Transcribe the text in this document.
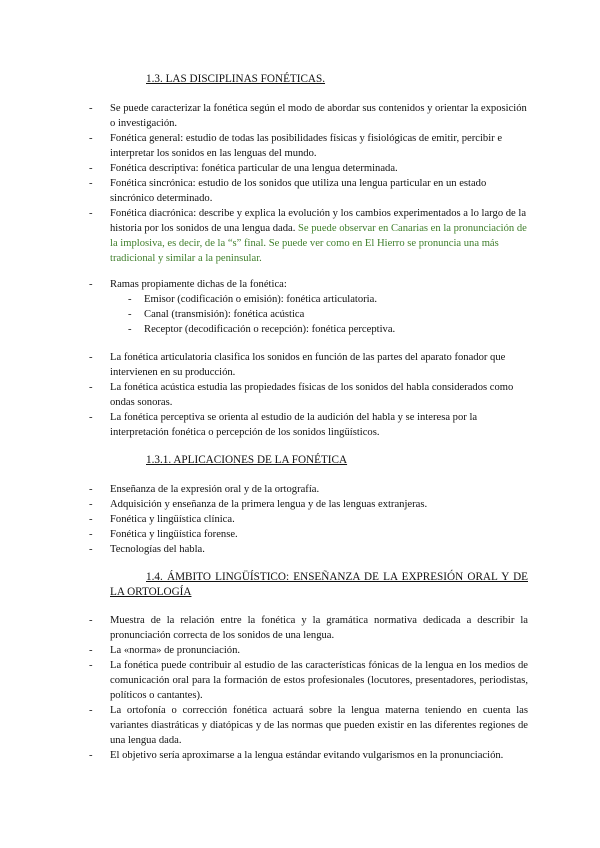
1.3. LAS DISCIPLINAS FONÉTICAS.
- Se puede caracterizar la fonética según el modo de abordar sus contenidos y orientar la exposición o investigación.
- Fonética general: estudio de todas las posibilidades físicas y fisiológicas de emitir, percibir e interpretar los sonidos en las lenguas del mundo.
- Fonética descriptiva: fonética particular de una lengua determinada.
- Fonética sincrónica: estudio de los sonidos que utiliza una lengua particular en un estado sincrónico determinado.
- Fonética diacrónica: describe y explica la evolución y los cambios experimentados a lo largo de la historia por los sonidos de una lengua dada. Se puede observar en Canarias en la pronunciación de la implosiva, es decir, de la “s” final. Se puede ver como en El Hierro se pronuncia una más tradicional y similar a la peninsular.
- Ramas propiamente dichas de la fonética:
- Emisor (codificación o emisión): fonética articulatoria.
- Canal (transmisión): fonética acústica
- Receptor (decodificación o recepción): fonética perceptiva.
- La fonética articulatoria clasifica los sonidos en función de las partes del aparato fonador que intervienen en su producción.
- La fonética acústica estudia las propiedades físicas de los sonidos del habla considerados como ondas sonoras.
- La fonética perceptiva se orienta al estudio de la audición del habla y se interesa por la interpretación fonética o percepción de los sonidos lingüísticos.
1.3.1. APLICACIONES DE LA FONÉTICA
- Enseñanza de la expresión oral y de la ortografía.
- Adquisición y enseñanza de la primera lengua y de las lenguas extranjeras.
- Fonética y lingüística clínica.
- Fonética y lingüística forense.
- Tecnologías del habla.
1.4. ÁMBITO LINGÜÍSTICO: ENSEÑANZA DE LA EXPRESIÓN ORAL Y DE
LA ORTOLOGÍA
- Muestra de la relación entre la fonética y la gramática normativa dedicada a describir la pronunciación correcta de los sonidos de una lengua.
- La «norma» de pronunciación.
- La fonética puede contribuir al estudio de las características fónicas de la lengua en los medios de comunicación oral para la formación de estos profesionales (locutores, presentadores, periodistas, políticos o cantantes).
- La ortofonía o corrección fonética actuará sobre la lengua materna teniendo en cuenta las variantes diastráticas y diatópicas y de las normas que pueden existir en las diferentes regiones de una lengua dada.
- El objetivo sería aproximarse a la lengua estándar evitando vulgarismos en la pronunciación.
